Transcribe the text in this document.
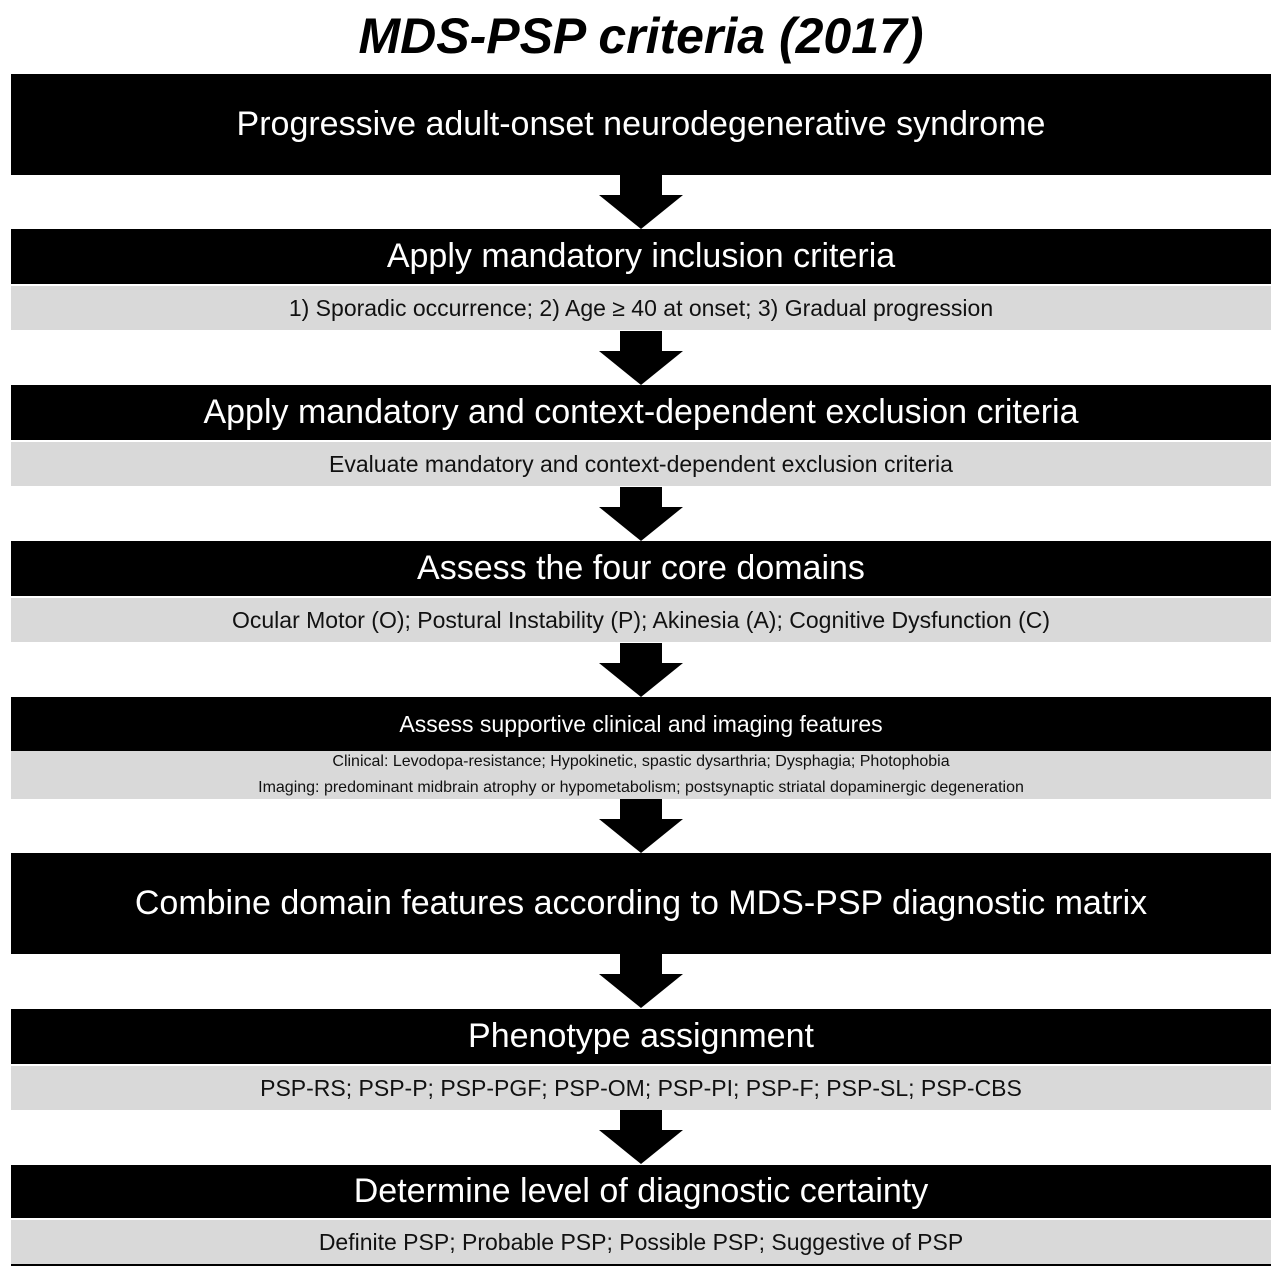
MDS-PSP criteria (2017)
Progressive adult-onset neurodegenerative syndrome
Apply mandatory inclusion criteria
1) Sporadic occurrence; 2) Age ≥ 40 at onset; 3) Gradual progression
Apply mandatory and context-dependent exclusion criteria
Evaluate mandatory and context-dependent exclusion criteria
Assess the four core domains
Ocular Motor (O); Postural Instability (P); Akinesia (A); Cognitive Dysfunction (C)
Assess supportive clinical and imaging features
Clinical: Levodopa-resistance; Hypokinetic, spastic dysarthria; Dysphagia; Photophobia
Imaging: predominant midbrain atrophy or hypometabolism; postsynaptic striatal dopaminergic degeneration
Combine domain features according to MDS-PSP diagnostic matrix
Phenotype assignment
PSP-RS; PSP-P; PSP-PGF; PSP-OM; PSP-PI; PSP-F; PSP-SL; PSP-CBS
Determine level of diagnostic certainty
Definite PSP; Probable PSP; Possible PSP; Suggestive of PSP
